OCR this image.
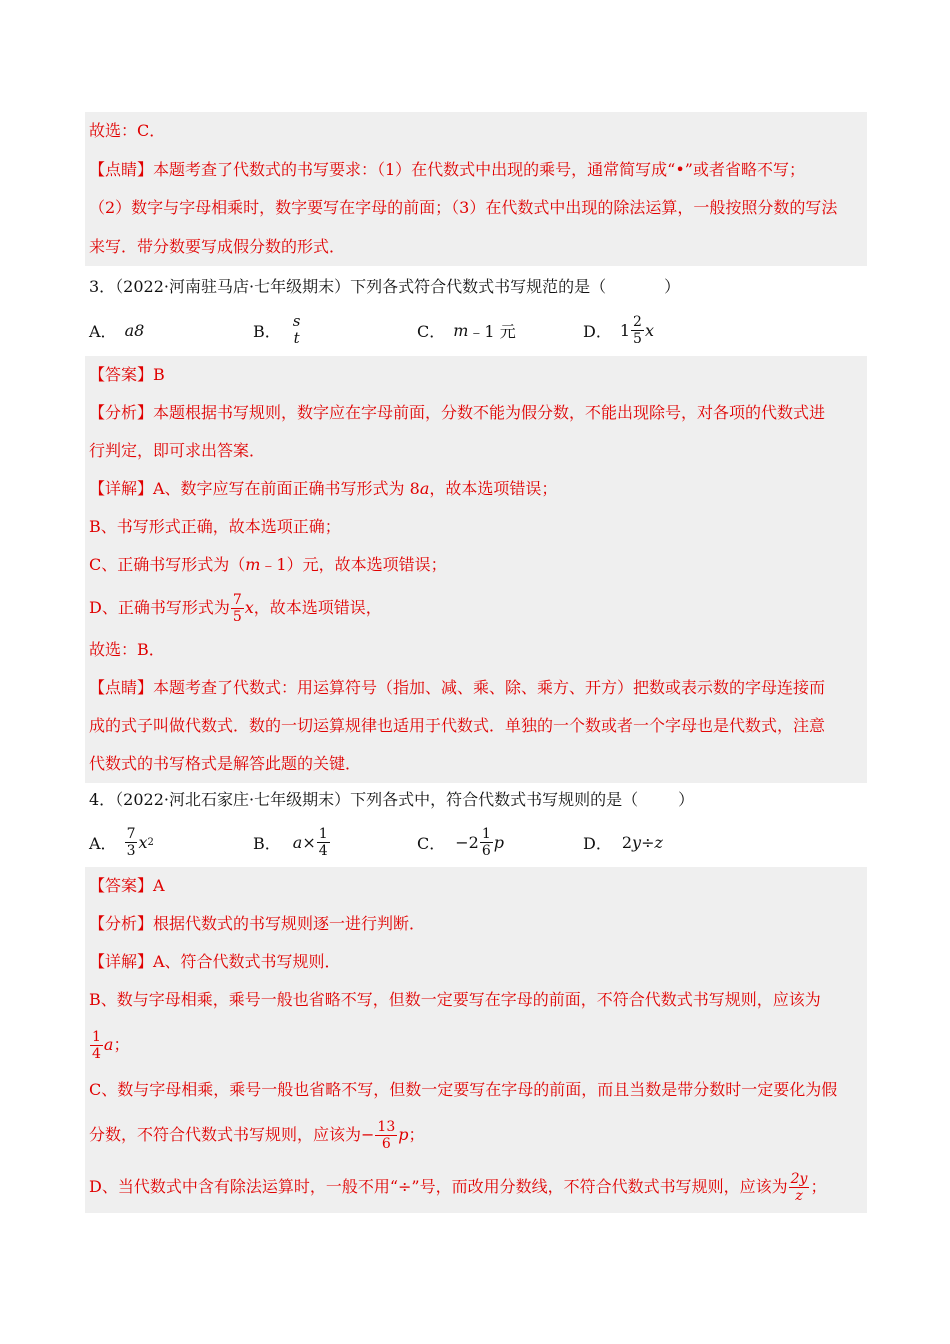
故选：C．
【点睛】本题考查了代数式的书写要求：（1）在代数式中出现的乘号，通常简写成“•”或者省略不写；
（2）数字与字母相乘时，数字要写在字母的前面；（3）在代数式中出现的除法运算，一般按照分数的写法
来写．带分数要写成假分数的形式．
3．（2022·河南驻马店·七年级期末）下列各式符合代数式书写规范的是（	）
A． a8	B．
s
t	C． m ﹣1 元	D． $1 \frac{2}{5}$ x
【答案】B
【分析】本题根据书写规则，数字应在字母前面，分数不能为假分数，不能出现除号，对各项的代数式进
行判定，即可求出答案．
【详解】A、数字应写在前面正确书写形式为 8a，故本选项错误；
B、书写形式正确，故本选项正确；
C、正确书写形式为（m﹣1）元，故本选项错误；
D、正确书写形式为 $\frac{7}{5}$ x，故本选项错误，
故选：B．
【点睛】本题考查了代数式：用运算符号（指加、减、乘、除、乘方、开方）把数或表示数的字母连接而
成的式子叫做代数式．数的一切运算规律也适用于代数式．单独的一个数或者一个字母也是代数式，注意
代数式的书写格式是解答此题的关键．
4．（2022·河北石家庄·七年级期末）下列各式中，符合代数式书写规则的是（	）
A． $\frac{7}{3}$ x 2	B． $a \times \frac{1}{4}$	C． $-2 \frac{1}{6}$ p	D． 2 y ÷ z
【答案】A
【分析】根据代数式的书写规则逐一进行判断．
【详解】A、符合代数式书写规则．
B、数与字母相乘，乘号一般也省略不写，但数一定要写在字母的前面，不符合代数式书写规则，应该为
$\frac{1}{4}$ a；
C、数与字母相乘，乘号一般也省略不写，但数一定要写在字母的前面，而且当数是带分数时一定要化为假
分数，不符合代数式书写规则，应该为− $\frac{13}{6}$ p；
D、当代数式中含有除法运算时，一般不用“÷”号，而改用分数线，不符合代数式书写规则，应该为 $\frac{2y}{z}$ ；
